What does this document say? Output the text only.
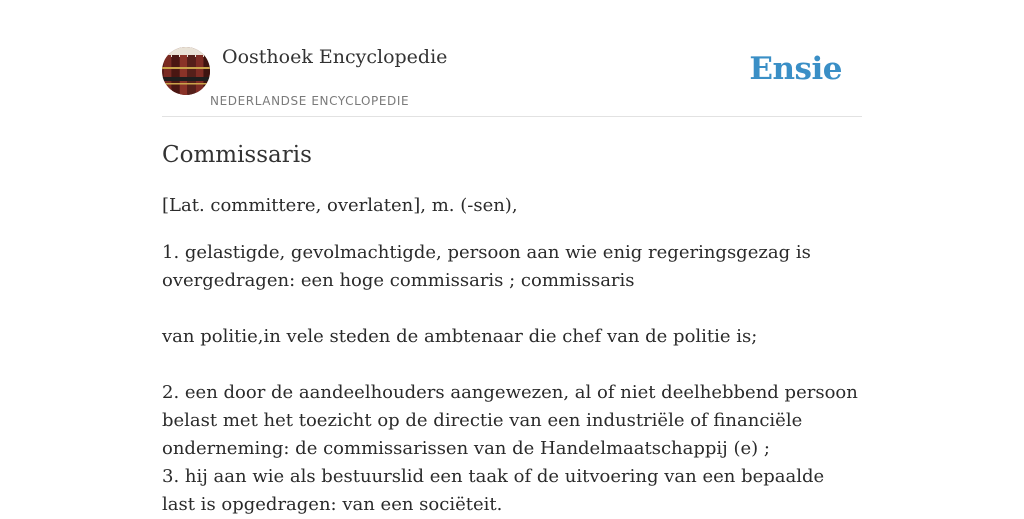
Oosthoek Encyclopedie
NEDERLANDSE ENCYCLOPEDIE
Ensie
Commissaris

[Lat. committere, overlaten], m. (-sen),

1. gelastigde, gevolmachtigde, persoon aan wie enig regeringsgezag is overgedragen: een hoge commissaris ; commissaris

van politie,in vele steden de ambtenaar die chef van de politie is;

2. een door de aandeelhouders aangewezen, al of niet deelhebbend persoon belast met het toezicht op de directie van een industriële of financiële onderneming: de commissarissen van de Handelmaatschappij (e) ;
3. hij aan wie als bestuurslid een taak of de uitvoering van een bepaalde last is opgedragen: van een sociëteit.
